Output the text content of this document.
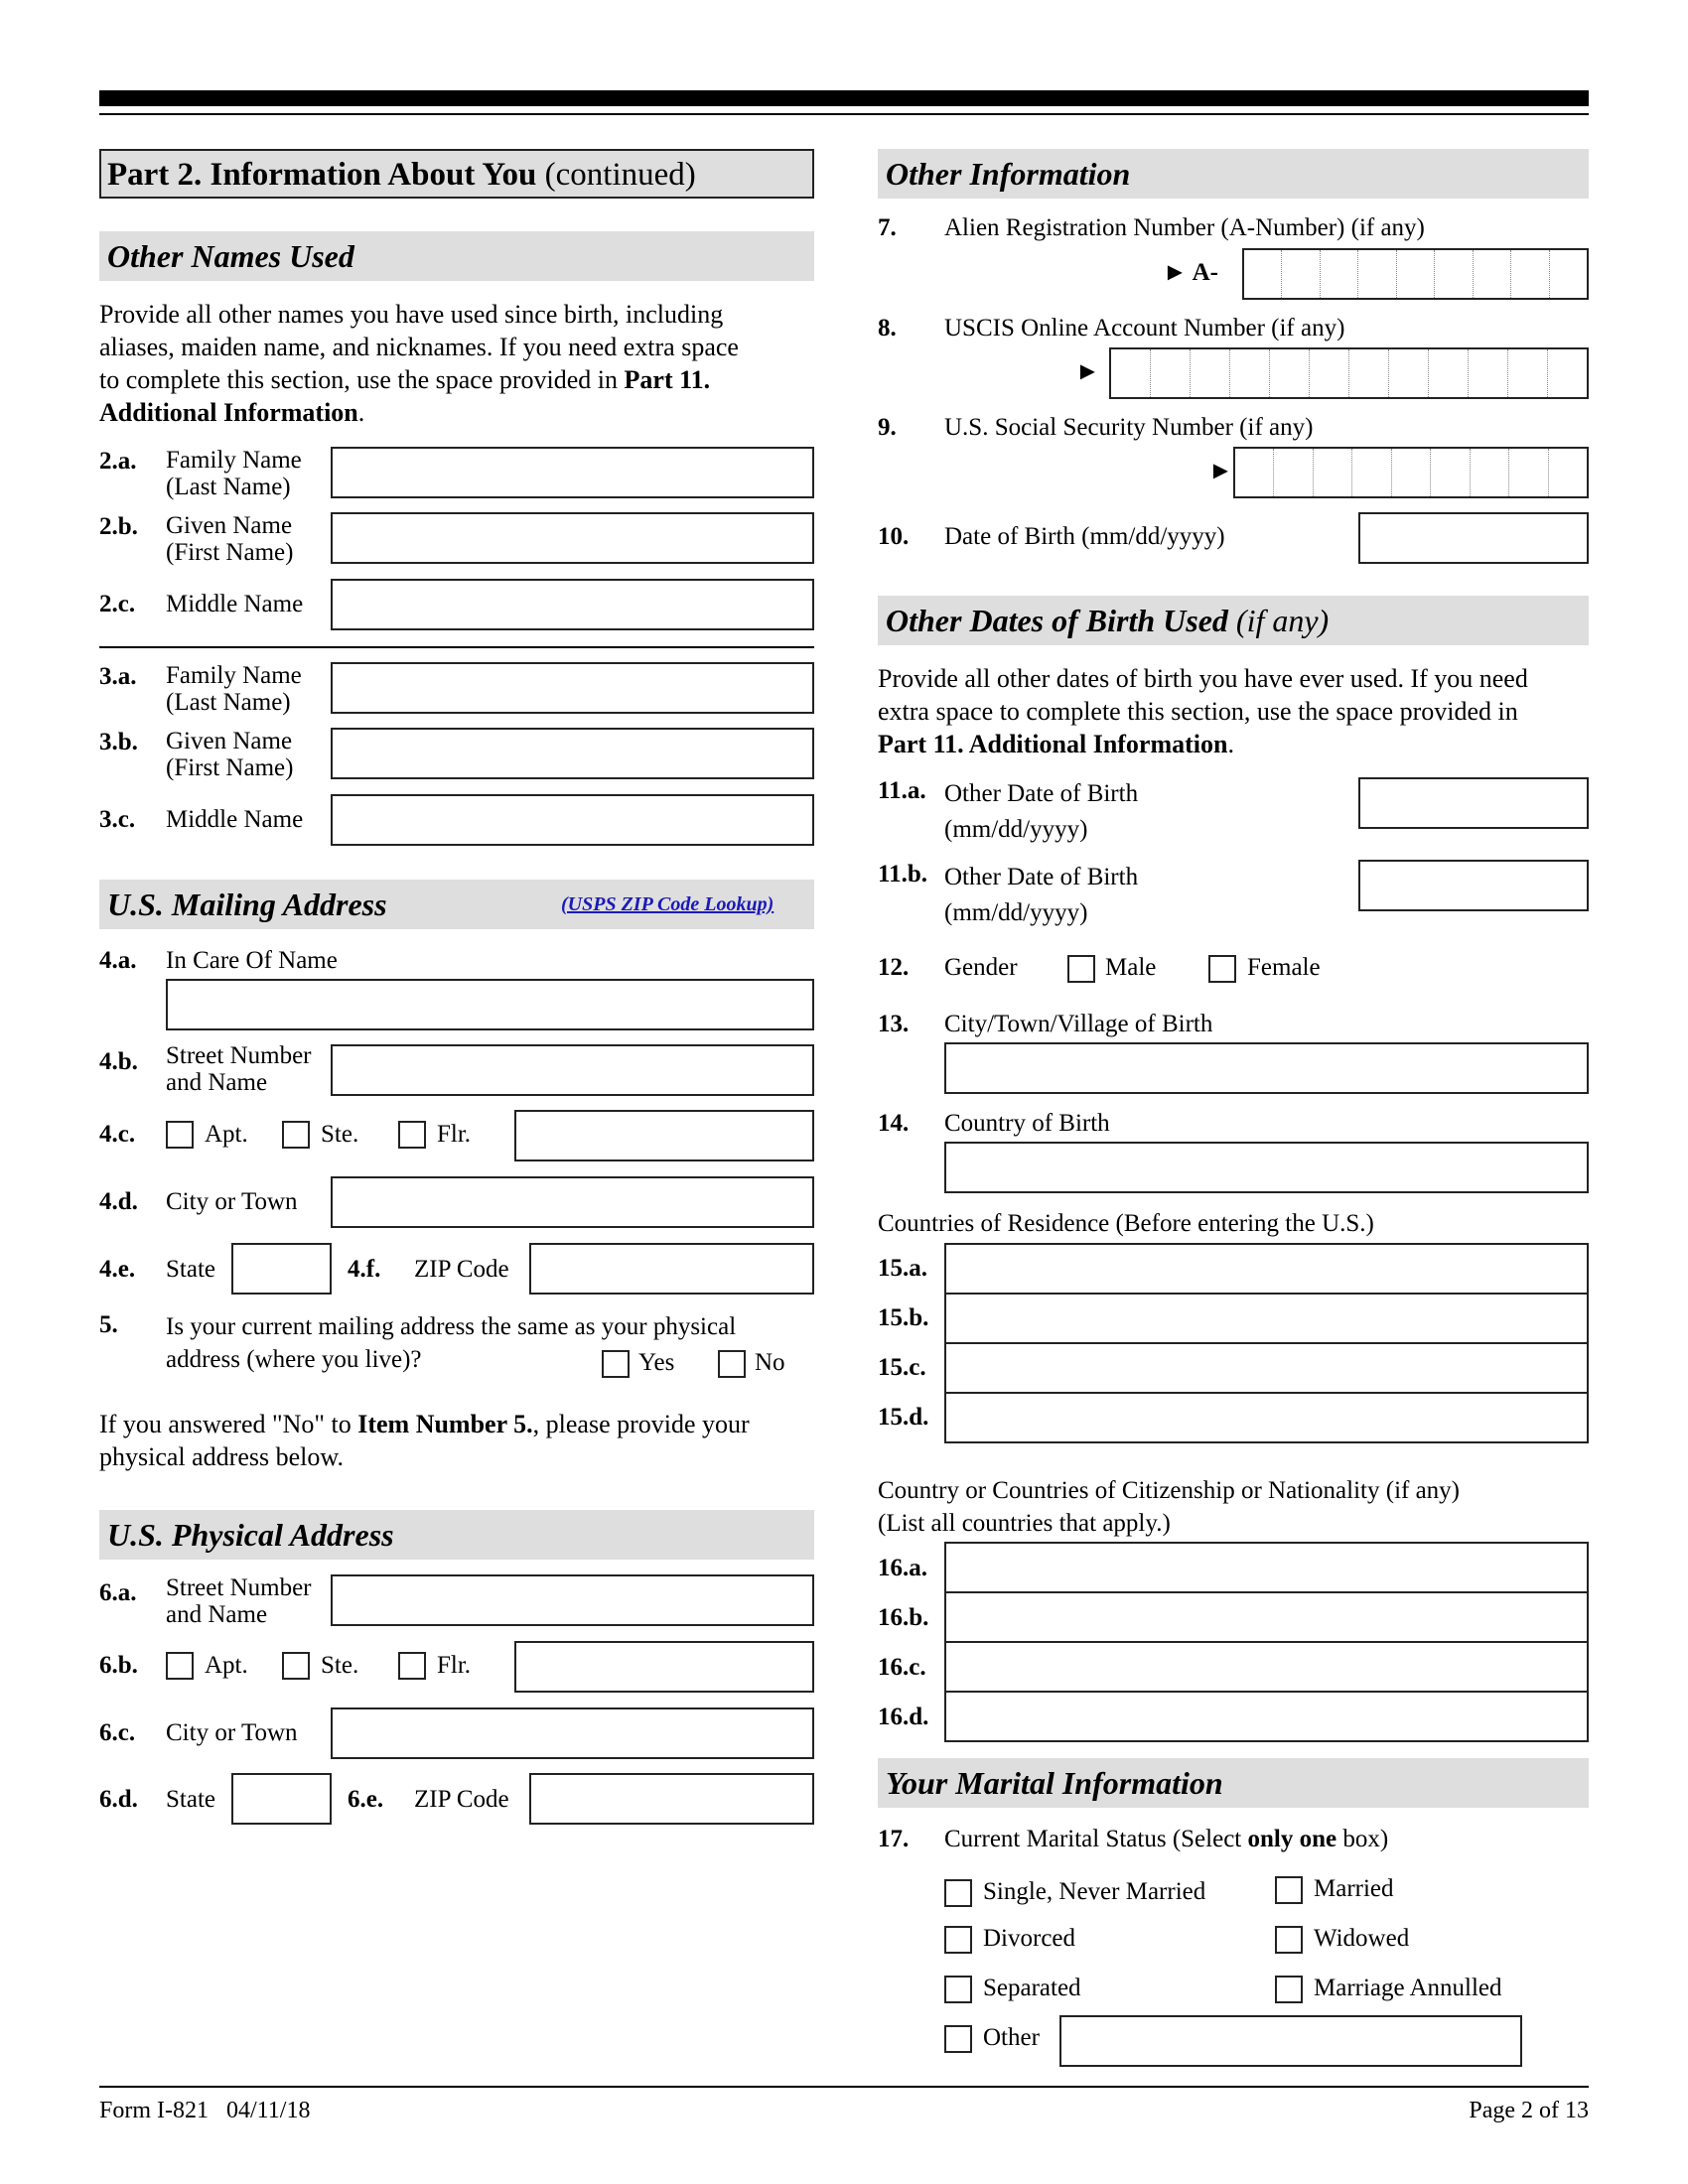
Part 2. Information About You (continued)
Other Names Used
Provide all other names you have used since birth, including
aliases, maiden name, and nicknames. If you need extra space
to complete this section, use the space provided in Part 11.
Additional Information.
2.a. Family Name
(Last Name)
2.b. Given Name
(First Name)
2.c. Middle Name
3.a. Family Name
(Last Name)
3.b. Given Name
(First Name)
3.c. Middle Name
U.S. Mailing Address	(USPS ZIP Code Lookup)
4.a. In Care Of Name
4.b. Street Number
and Name
4.c.	Apt.	Ste.	Flr.
4.d. City or Town
4.e. State	4.f. ZIP Code
5. Is your current mailing address the same as your physical
address (where you live)?	Yes	No
If you answered "No" to Item Number 5., please provide your
physical address below.
U.S. Physical Address
6.a. Street Number
and Name
6.b.	Apt.	Ste.	Flr.
6.c. City or Town
6.d. State	6.e. ZIP Code
Other Information
7. Alien Registration Number (A-Number) (if any)
► A-
8. USCIS Online Account Number (if any)
►
9. U.S. Social Security Number (if any)
►
10. Date of Birth (mm/dd/yyyy)
Other Dates of Birth Used (if any)
Provide all other dates of birth you have ever used. If you need
extra space to complete this section, use the space provided in
Part 11. Additional Information.
11.a. Other Date of Birth
(mm/dd/yyyy)
11.b. Other Date of Birth
(mm/dd/yyyy)
12. Gender	Male	Female
13. City/Town/Village of Birth
14. Country of Birth
Countries of Residence (Before entering the U.S.)
15.a.
15.b.
15.c.
15.d.
Country or Countries of Citizenship or Nationality (if any)
(List all countries that apply.)
16.a.
16.b.
16.c.
16.d.
Your Marital Information
17. Current Marital Status (Select only one box)
Single, Never Married	Married
Divorced	Widowed
Separated	Marriage Annulled
Other
Form I-821   04/11/18	Page 2 of 13
